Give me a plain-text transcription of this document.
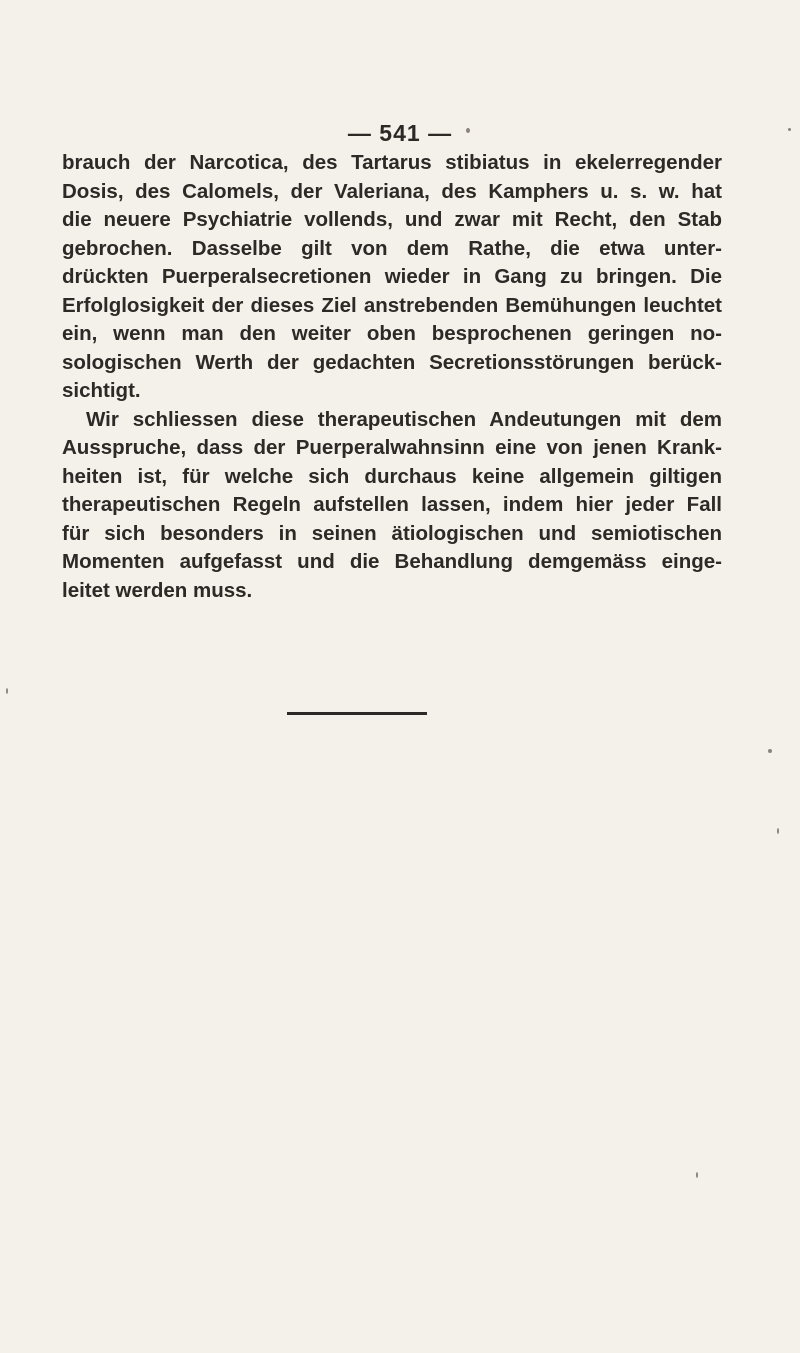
— 541 —
brauch der Narcotica, des Tartarus stibiatus in ekelerregender
Dosis, des Calomels, der Valeriana, des Kamphers u. s. w. hat
die neuere Psychiatrie vollends, und zwar mit Recht, den Stab
gebrochen. Dasselbe gilt von dem Rathe, die etwa unter-
drückten Puerperalsecretionen wieder in Gang zu bringen. Die
Erfolglosigkeit der dieses Ziel anstrebenden Bemühungen leuchtet
ein, wenn man den weiter oben besprochenen geringen no-
sologischen Werth der gedachten Secretionsstörungen berück-
sichtigt.
Wir schliessen diese therapeutischen Andeutungen mit dem
Ausspruche, dass der Puerperalwahnsinn eine von jenen Krank-
heiten ist, für welche sich durchaus keine allgemein giltigen
therapeutischen Regeln aufstellen lassen, indem hier jeder Fall
für sich besonders in seinen ätiologischen und semiotischen
Momenten aufgefasst und die Behandlung demgemäss einge-
leitet werden muss.
